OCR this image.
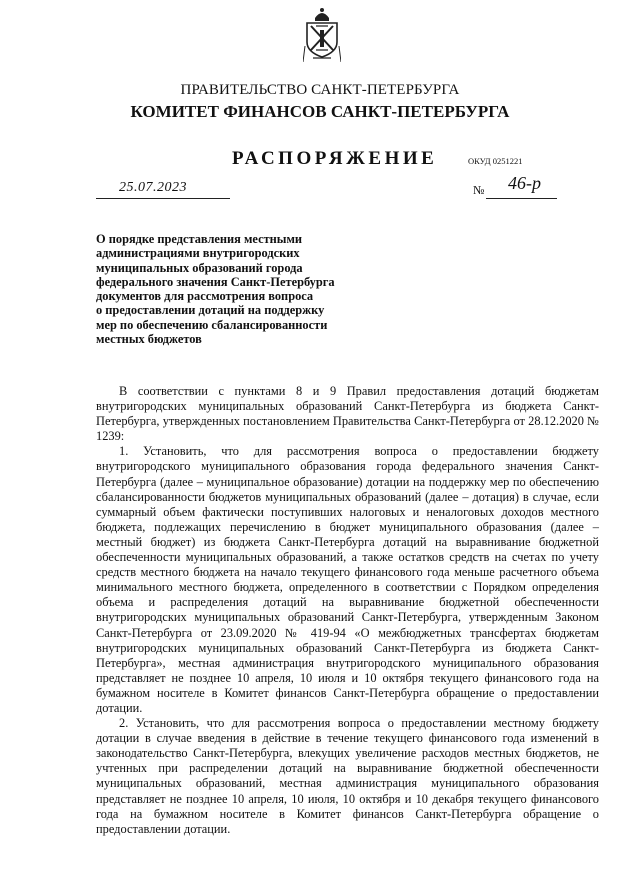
ПРАВИТЕЛЬСТВО САНКТ-ПЕТЕРБУРГА
КОМИТЕТ ФИНАНСОВ САНКТ-ПЕТЕРБУРГА
РАСПОРЯЖЕНИЕ	ОКУД 0251221
25.07.2023	№ 46-р
О порядке представления местными
администрациями внутригородских
муниципальных образований города
федерального значения Санкт-Петербурга
документов для рассмотрения вопроса
о предоставлении дотаций на поддержку
мер по обеспечению сбалансированности
местных бюджетов

В соответствии с пунктами 8 и 9 Правил предоставления дотаций бюджетам внутригородских муниципальных образований Санкт-Петербурга из бюджета Санкт-Петербурга, утвержденных постановлением Правительства Санкт-Петербурга от 28.12.2020 № 1239:

1. Установить, что для рассмотрения вопроса о предоставлении бюджету внутригородского муниципального образования города федерального значения Санкт-Петербурга (далее – муниципальное образование) дотации на поддержку мер по обеспечению сбалансированности бюджетов муниципальных образований (далее – дотация) в случае, если суммарный объем фактически поступивших налоговых и неналоговых доходов местного бюджета, подлежащих перечислению в бюджет муниципального образования (далее – местный бюджет) из бюджета Санкт-Петербурга дотаций на выравнивание бюджетной обеспеченности муниципальных образований, а также остатков средств на счетах по учету средств местного бюджета на начало текущего финансового года меньше расчетного объема минимального местного бюджета, определенного в соответствии с Порядком определения объема и распределения дотаций на выравнивание бюджетной обеспеченности внутригородских муниципальных образований Санкт-Петербурга, утвержденным Законом Санкт-Петербурга от 23.09.2020 № 419-94 «О межбюджетных трансфертах бюджетам внутригородских муниципальных образований Санкт-Петербурга из бюджета Санкт-Петербурга», местная администрация внутригородского муниципального образования представляет не позднее 10 апреля, 10 июля и 10 октября текущего финансового года на бумажном носителе в Комитет финансов Санкт-Петербурга обращение о предоставлении дотации.

2. Установить, что для рассмотрения вопроса о предоставлении местному бюджету дотации в случае введения в действие в течение текущего финансового года изменений в законодательство Санкт-Петербурга, влекущих увеличение расходов местных бюджетов, не учтенных при распределении дотаций на выравнивание бюджетной обеспеченности муниципальных образований, местная администрация муниципального образования представляет не позднее 10 апреля, 10 июля, 10 октября и 10 декабря текущего финансового года на бумажном носителе в Комитет финансов Санкт-Петербурга обращение о предоставлении дотации.
